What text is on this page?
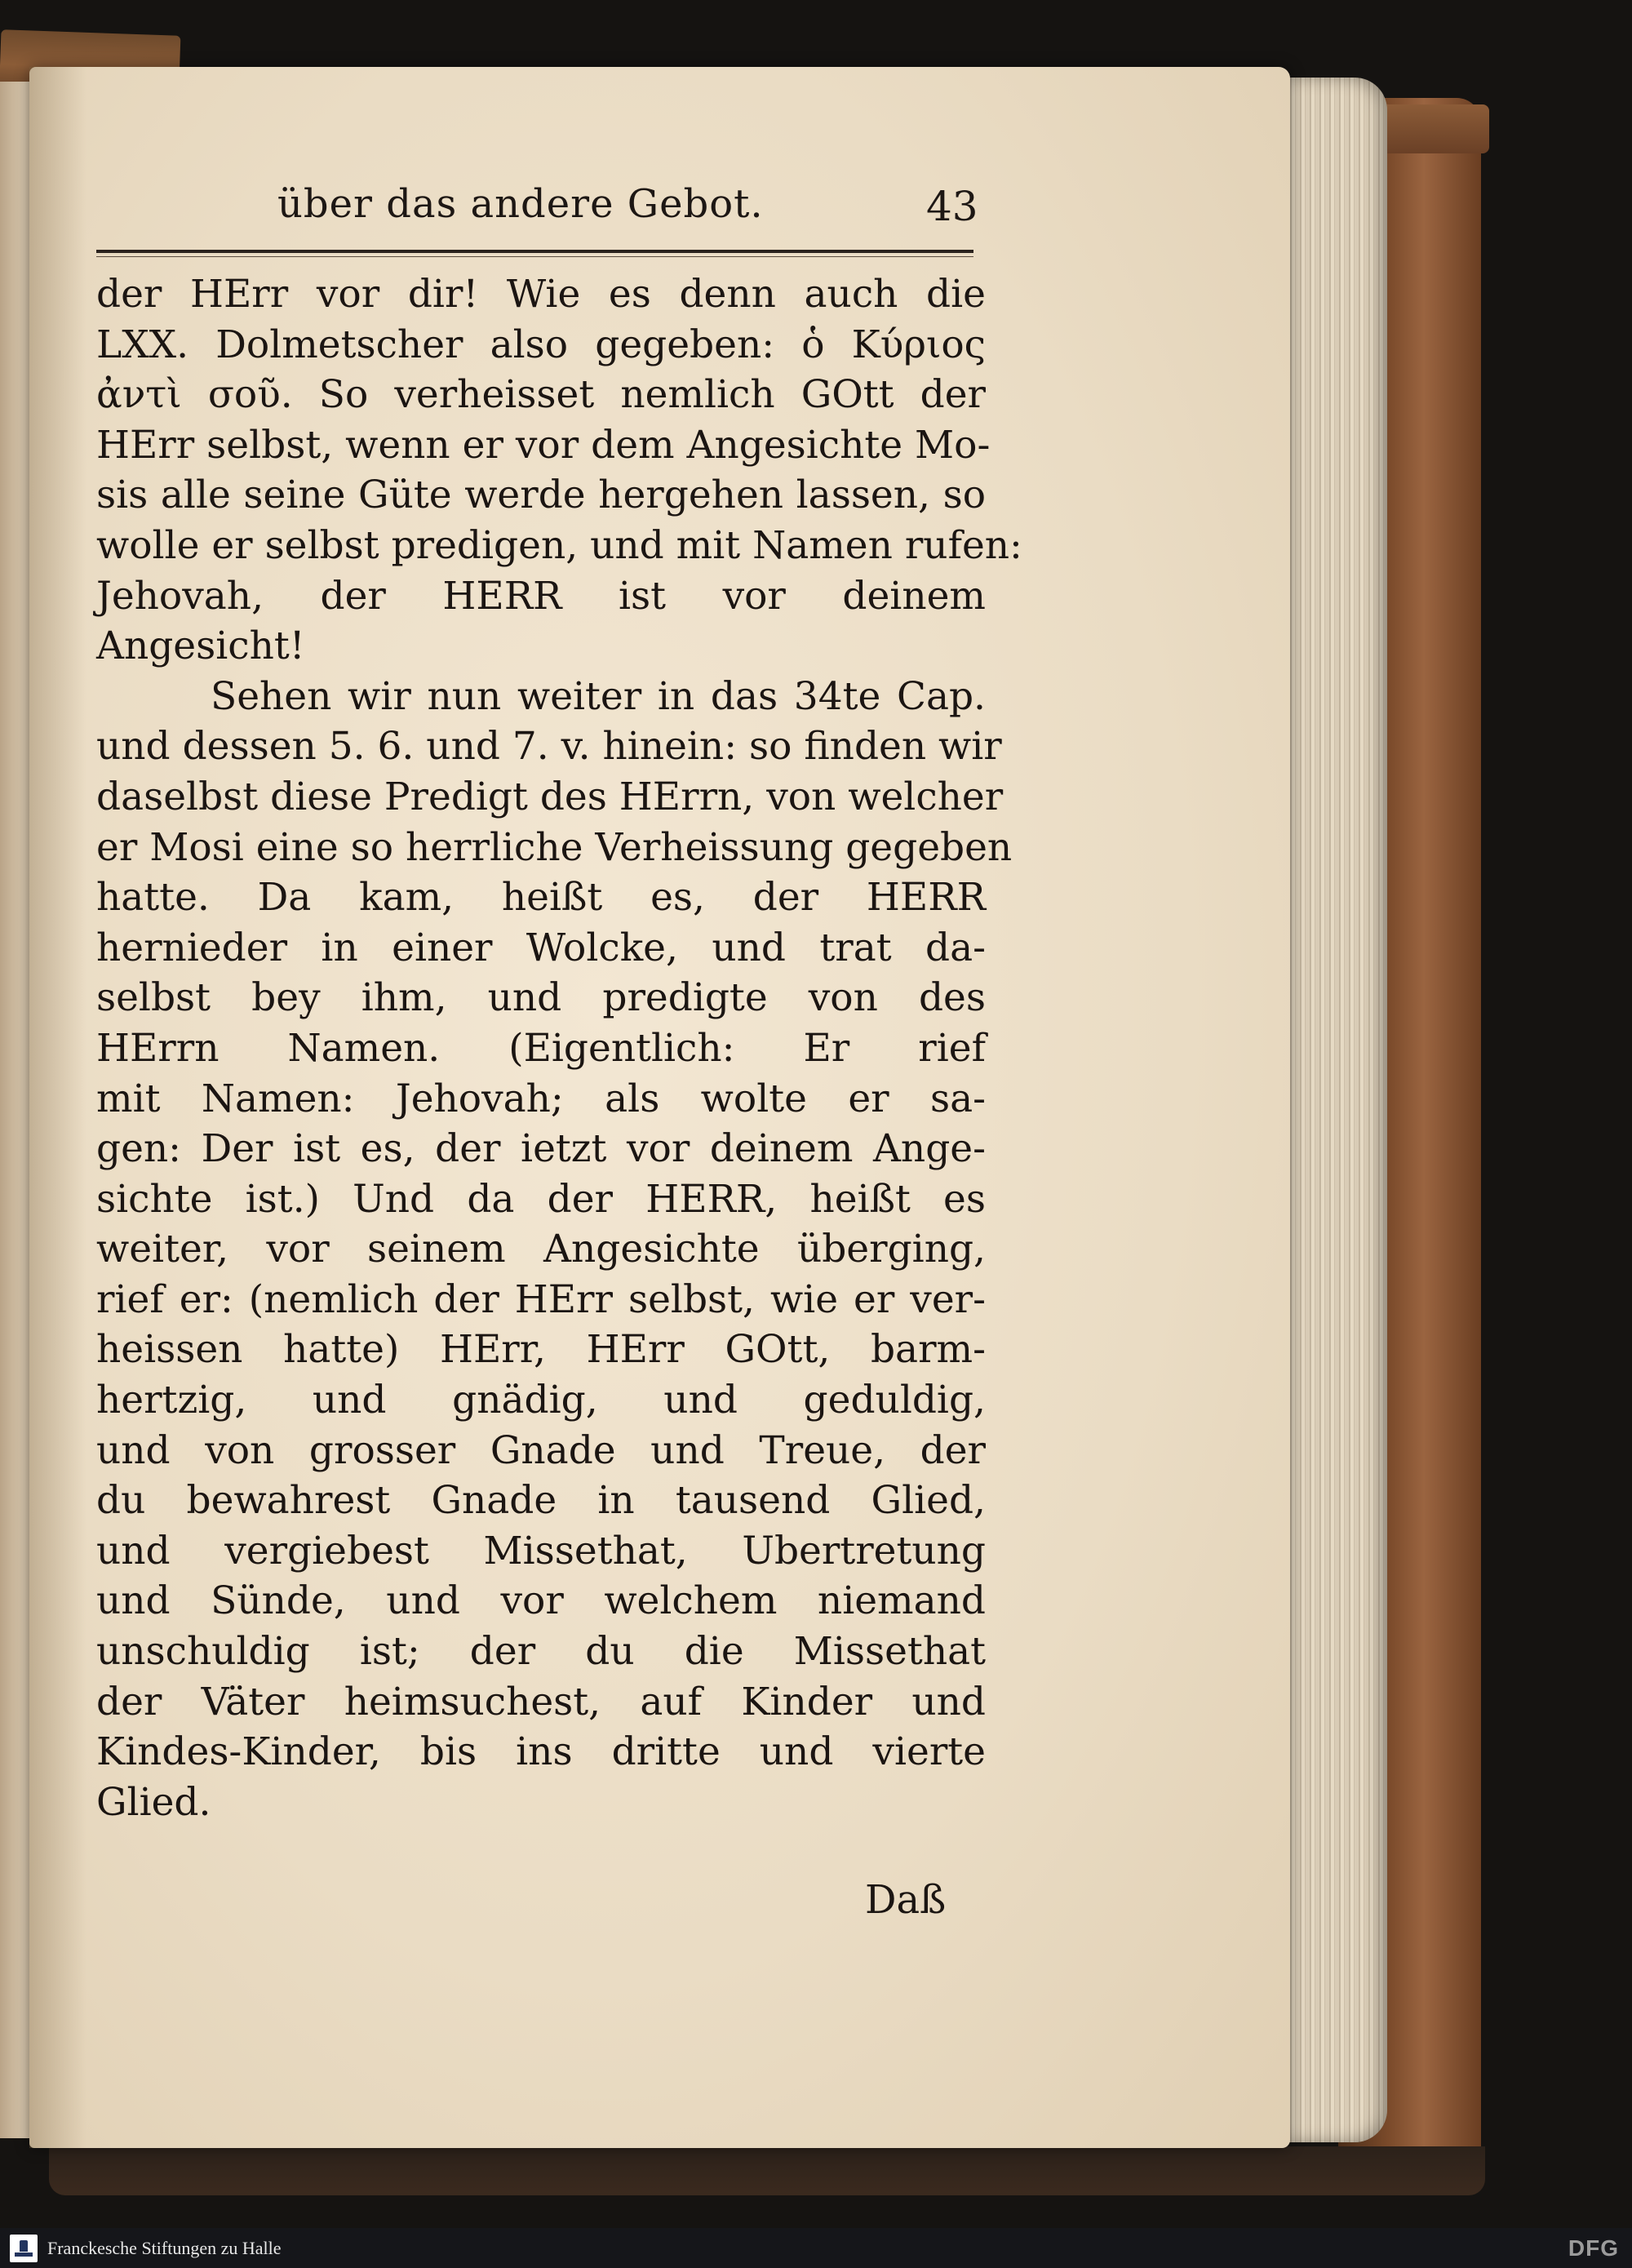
über das andere Gebot.	43
der HErr vor dir! Wie es denn auch die
LXX. Dolmetscher also gegeben: ὁ Κύριος
ἀντὶ σοῦ. So verheisset nemlich GOtt der
HErr selbst, wenn er vor dem Angesichte Mo-
sis alle seine Güte werde hergehen lassen, so
wolle er selbst predigen, und mit Namen rufen:
Jehovah, der HERR ist vor deinem
Angesicht!
Sehen wir nun weiter in das 34te Cap.
und dessen 5. 6. und 7. v. hinein: so finden wir
daselbst diese Predigt des HErrn, von welcher
er Mosi eine so herrliche Verheissung gegeben
hatte. Da kam, heißt es, der HERR
hernieder in einer Wolcke, und trat da-
selbst bey ihm, und predigte von des
HErrn Namen. (Eigentlich: Er rief
mit Namen: Jehovah; als wolte er sa-
gen: Der ist es, der ietzt vor deinem Ange-
sichte ist.) Und da der HERR, heißt es
weiter, vor seinem Angesichte überging,
rief er: (nemlich der HErr selbst, wie er ver-
heissen hatte) HErr, HErr GOtt, barm-
hertzig, und gnädig, und geduldig,
und von grosser Gnade und Treue, der
du bewahrest Gnade in tausend Glied,
und vergiebest Missethat, Ubertretung
und Sünde, und vor welchem niemand
unschuldig ist; der du die Missethat
der Väter heimsuchest, auf Kinder und
Kindes-Kinder, bis ins dritte und vierte
Glied.
Daß
Franckesche Stiftungen zu Halle	DFG
